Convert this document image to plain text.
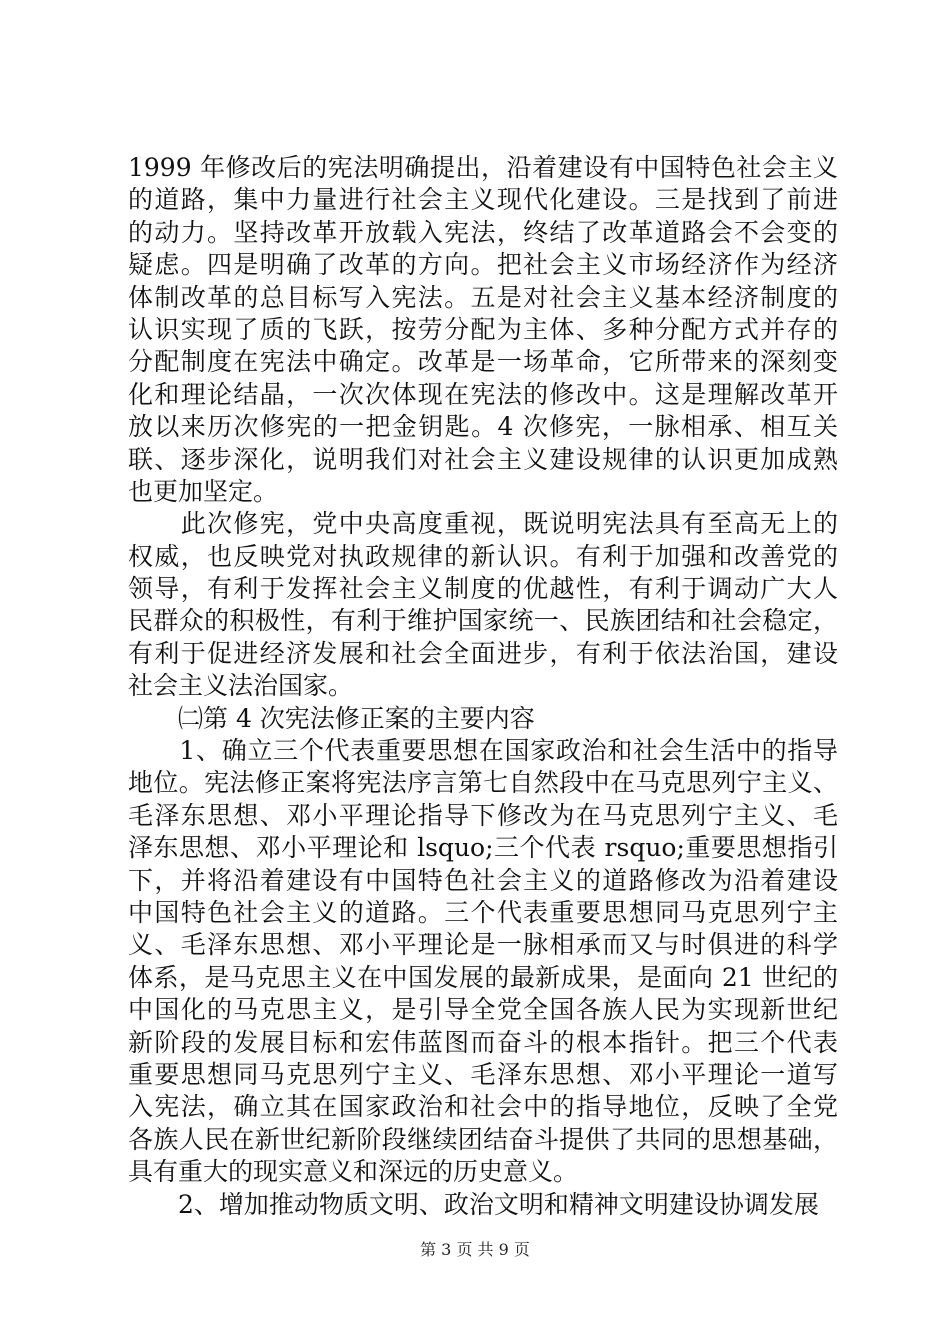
1999 年修改后的宪法明确提出，沿着建设有中国特色社会主义
的道路，集中力量进行社会主义现代化建设。三是找到了前进
的动力。坚持改革开放载入宪法，终结了改革道路会不会变的
疑虑。四是明确了改革的方向。把社会主义市场经济作为经济
体制改革的总目标写入宪法。五是对社会主义基本经济制度的
认识实现了质的飞跃，按劳分配为主体、多种分配方式并存的
分配制度在宪法中确定。改革是一场革命，它所带来的深刻变
化和理论结晶，一次次体现在宪法的修改中。这是理解改革开
放以来历次修宪的一把金钥匙。4 次修宪，一脉相承、相互关
联、逐步深化，说明我们对社会主义建设规律的认识更加成熟
也更加坚定。
　　此次修宪，党中央高度重视，既说明宪法具有至高无上的
权威，也反映党对执政规律的新认识。有利于加强和改善党的
领导，有利于发挥社会主义制度的优越性，有利于调动广大人
民群众的积极性，有利于维护国家统一、民族团结和社会稳定，
有利于促进经济发展和社会全面进步，有利于依法治国，建设
社会主义法治国家。
　　㈡第 4 次宪法修正案的主要内容
　　1、确立三个代表重要思想在国家政治和社会生活中的指导
地位。宪法修正案将宪法序言第七自然段中在马克思列宁主义、
毛泽东思想、邓小平理论指导下修改为在马克思列宁主义、毛
泽东思想、邓小平理论和 lsquo;三个代表 rsquo;重要思想指引
下，并将沿着建设有中国特色社会主义的道路修改为沿着建设
中国特色社会主义的道路。三个代表重要思想同马克思列宁主
义、毛泽东思想、邓小平理论是一脉相承而又与时俱进的科学
体系，是马克思主义在中国发展的最新成果，是面向 21 世纪的
中国化的马克思主义，是引导全党全国各族人民为实现新世纪
新阶段的发展目标和宏伟蓝图而奋斗的根本指针。把三个代表
重要思想同马克思列宁主义、毛泽东思想、邓小平理论一道写
入宪法，确立其在国家政治和社会中的指导地位，反映了全党
各族人民在新世纪新阶段继续团结奋斗提供了共同的思想基础，
具有重大的现实意义和深远的历史意义。
　　2、增加推动物质文明、政治文明和精神文明建设协调发展
第 3 页 共 9 页
